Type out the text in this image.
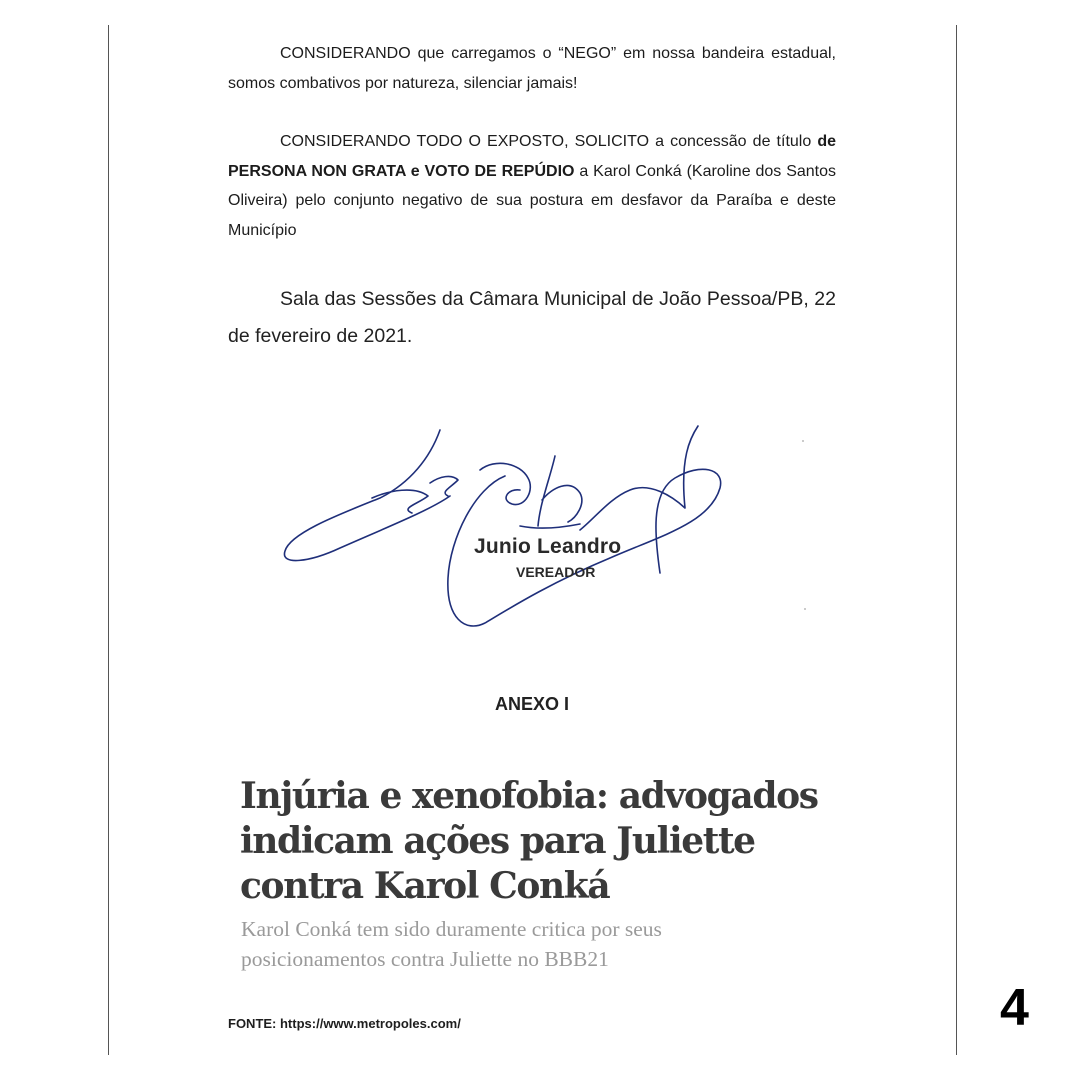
CONSIDERANDO que carregamos o “NEGO” em nossa bandeira estadual, somos combativos por natureza, silenciar jamais!

CONSIDERANDO TODO O EXPOSTO, SOLICITO a concessão de título de PERSONA NON GRATA e VOTO DE REPÚDIO a Karol Conká (Karoline dos Santos Oliveira) pelo conjunto negativo de sua postura em desfavor da Paraíba e deste Município

Sala das Sessões da Câmara Municipal de João Pessoa/PB, 22 de fevereiro de 2021.

Junio Leandro
VEREADOR
ANEXO I
Injúria e xenofobia: advogados indicam ações para Juliette contra Karol Conká

Karol Conká tem sido duramente critica por seus posicionamentos contra Juliette no BBB21

FONTE: https://www.metropoles.com/	4
